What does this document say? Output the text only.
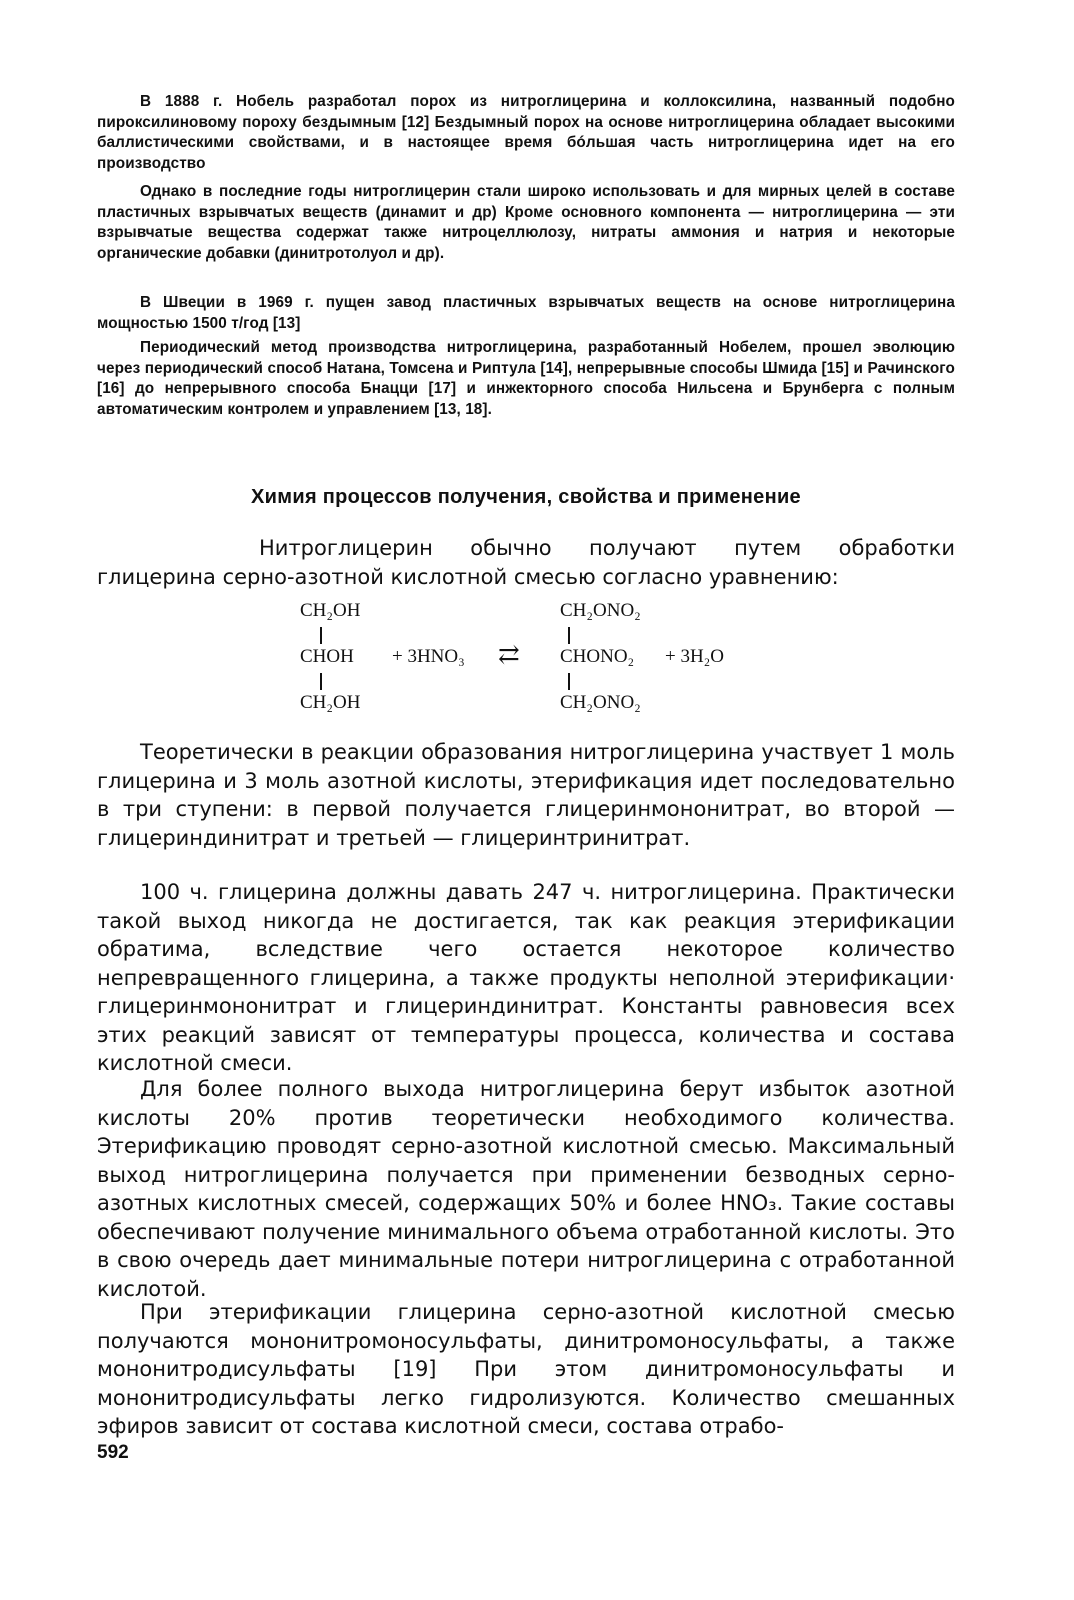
В 1888 г. Нобель разработал порох из нитроглицерина и коллоксилина, названный подобно пироксилиновому пороху бездымным [12] Бездымный порох на основе нитроглицерина обладает высокими баллистическими свойствами, и в настоящее время бóльшая часть нитроглицерина идет на его производство

Однако в последние годы нитроглицерин стали широко использовать и для мирных целей в составе пластичных взрывчатых веществ (динамит и др) Кроме основного компонента — нитроглицерина — эти взрывчатые вещества содержат также нитроцеллюлозу, нитраты аммония и натрия и некоторые органические добавки (динитротолуол и др).

В Швеции в 1969 г. пущен завод пластичных взрывчатых веществ на основе нитроглицерина мощностью 1500 т/год [13]

Периодический метод производства нитроглицерина, разработанный Нобелем, прошел эволюцию через периодический способ Натана, Томсена и Риптула [14], непрерывные способы Шмида [15] и Рачинского [16] до непрерывного способа Бнацци [17] и инжекторного способа Нильсена и Брунберга с полным автоматическим контролем и управлением [13, 18].

Химия процессов получения, свойства и применение

Нитроглицерин обычно получают путем обработки глицерина серно-азотной кислотной смесью согласно уравнению:

CH₂OH
CHOH
CH₂OH
+ 3HNO₃ ⇄
CH₂ONO₂
CHONO₂
CH₂ONO₂
+ 3H₂O

Теоретически в реакции образования нитроглицерина участвует 1 моль глицерина и 3 моль азотной кислоты, этерификация идет последовательно в три ступени: в первой получается глицеринмононитрат, во второй — глицериндинитрат и третьей — глицеринтринитрат.

100 ч. глицерина должны давать 247 ч. нитроглицерина. Практически такой выход никогда не достигается, так как реакция этерификации обратима, вследствие чего остается некоторое количество непревращенного глицерина, а также продукты неполной этерификации· глицеринмононитрат и глицериндинитрат. Константы равновесия всех этих реакций зависят от температуры процесса, количества и состава кислотной смеси.

Для более полного выхода нитроглицерина берут избыток азотной кислоты 20% против теоретически необходимого количества. Этерификацию проводят серно-азотной кислотной смесью. Максимальный выход нитроглицерина получается при применении безводных серно-азотных кислотных смесей, содержащих 50% и более HNO₃. Такие составы обеспечивают получение минимального объема отработанной кислоты. Это в свою очередь дает минимальные потери нитроглицерина с отработанной кислотой.

При этерификации глицерина серно-азотной кислотной смесью получаются мононитромоносульфаты, динитромоносульфаты, а также мононитродисульфаты [19] При этом динитромоносульфаты и мононитродисульфаты легко гидролизуются. Количество смешанных эфиров зависит от состава кислотной смеси, состава отрабо-

592
